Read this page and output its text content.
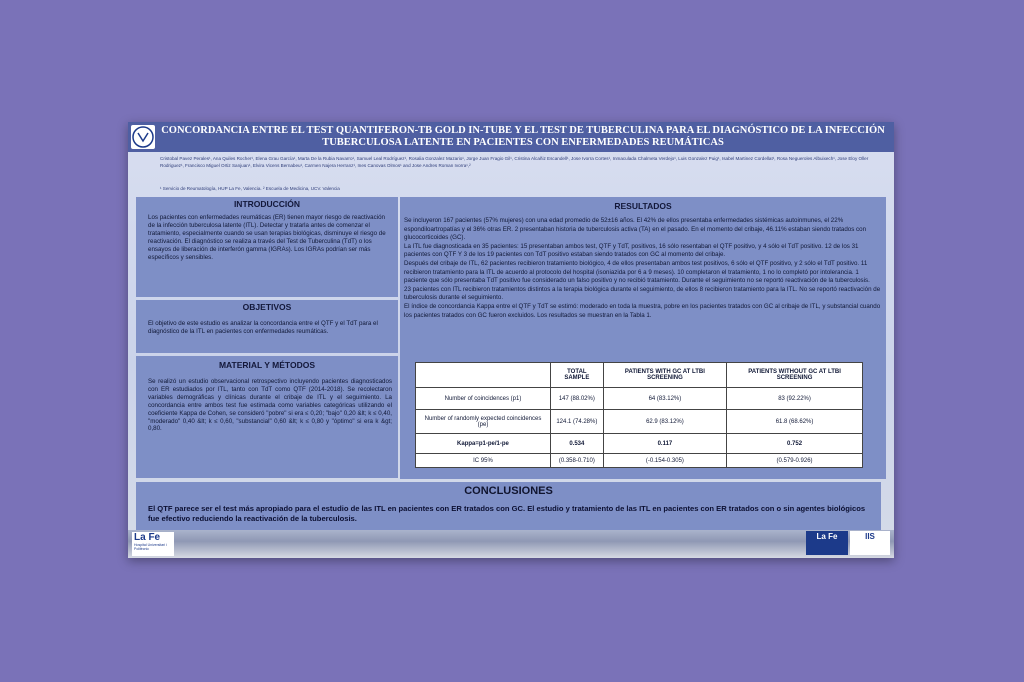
CONCORDANCIA ENTRE EL TEST QUANTIFERON-TB GOLD IN-TUBE Y EL TEST DE TUBERCULINA PARA EL DIAGNÓSTICO DE LA INFECCIÓN TUBERCULOSA LATENTE EN PACIENTES CON ENFERMEDADES REUMÁTICAS
Cristobal Pavez Perales¹, Ana Quiles Rocher¹, Elena Grau García¹, Marta De la Rubia Navarro¹, Samuel Leal Rodríguez¹, Rosalia Gonzalez Mazario¹, Jorge Juan Fragio Gil¹, Cristina Alcañiz Escandell¹, Jose Ivorra Cortes¹, Inmaculada Chalmeta Verdejo¹, Luis Gonzalez Puig¹, Isabel Martinez Cordellat¹, Rosa Negueroles Albuixech¹, Jose Eloy Oller Rodriguez¹, Francisco Miguel Ortiz Sanjuan¹, Elvira Vicens Bernabeu¹, Carmen Najera Herranz¹, Ines Canovas Olmos¹ and Jose Andres Roman Ivorra¹,²
¹ Servicio de Reumatología, HUP La Fe, Valencia. ² Escuela de Medicina, UCV. Valencia
INTRODUCCIÓN
Los pacientes con enfermedades reumáticas (ER) tienen mayor riesgo de reactivación de la infección tuberculosa latente (ITL). Detectar y tratarla antes de comenzar el tratamiento, especialmente cuando se usan terapias biológicas, disminuye el riesgo de reactivación. El diagnóstico se realiza a través del Test de Tuberculina (TdT) o los ensayos de liberación de interferón gamma (IGRAs). Los IGRAs podrían ser más específicos y sensibles.
OBJETIVOS
El objetivo de este estudio es analizar la concordancia entre el QTF y el TdT para el diagnóstico de la ITL en pacientes con enfermedades reumáticas.
MATERIAL Y MÉTODOS
Se realizó un estudio observacional retrospectivo incluyendo pacientes diagnosticados con ER estudiados por ITL, tanto con TdT como QTF (2014-2018). Se recolectaron variables demográficas y clínicas durante el cribaje de ITL y el seguimiento. La concordancia entre ambos test fue estimada como variables categóricas utilizando el coeficiente Kappa de Cohen, se consideró "pobre" si era ≤ 0,20; "bajo" 0,20 &lt; k ≤ 0,40, "moderado" 0,40 &lt; k ≤ 0,60, "substancial" 0,60 &lt; k ≤ 0,80 y "óptimo" si era k &gt; 0,80.
RESULTADOS

Se incluyeron 167 pacientes (57% mujeres) con una edad promedio de 52±16 años. El 42% de ellos presentaba enfermedades sistémicas autoinmunes, el 22% espondiloartropatías y el 36% otras ER. 2 presentaban historia de tuberculosis activa (TA) en el pasado. En el momento del cribaje, 46.11% estaban siendo tratados con glucocorticoides (GC).

La ITL fue diagnosticada en 35 pacientes: 15 presentaban ambos test, QTF y TdT, positivos, 16 sólo resentaban el QTF positivo, y 4 sólo el TdT positivo. 12 de los 31 pacientes con QTF Y 3 de los 19 pacientes con TdT positivo estaban siendo tratados con GC al momento del cribaje.

Después del cribaje de ITL, 62 pacientes recibieron tratamiento biológico, 4 de ellos presentaban ambos test positivos, 6 sólo el QTF positivo, y 2 sólo el TdT positivo. 11 recibieron tratamiento para la ITL de acuerdo al protocolo del hospital (isoniazida por 6 a 9 meses). 10 completaron el tratamiento, 1 no lo completó por intolerancia. 1 paciente que sólo presentaba TdT positivo fue considerado un falso positivo y no recibió tratamiento. Durante el seguimiento no se reportó reactivación de la tuberculosis.

23 pacientes con ITL recibieron tratamientos distintos a la terapia biológica durante el seguimiento, de ellos 8 recibieron tratamiento para la ITL. No se reportó reactivación de tuberculosis durante el seguimiento.

El índice de concordancia Kappa entre el QTF y TdT se estimó: moderado en toda la muestra, pobre en los pacientes tratados con GC al cribaje de ITL, y substancial cuando los pacientes tratados con GC fueron excluidos. Los resultados se muestran en la Tabla 1.

	TOTAL SAMPLE	PATIENTS WITH GC AT LTBI SCREENING	PATIENTS WITHOUT GC AT LTBI SCREENING
Number of coincidences (p1)	147 (88.02%)	64 (83.12%)	83 (92.22%)
Number of randomly expected coincidences (pe)	124.1 (74.28%)	62.9 (83.12%)	61.8 (68.62%)
Kappa=p1-pe/1-pe	0.534	0.117	0.752
IC 95%	(0.358-0.710)	(-0.154-0.305)	(0.579-0.926)
CONCLUSIONES
El QTF parece ser el test más apropiado para el estudio de las ITL en pacientes con ER tratados con GC. El estudio y tratamiento de las ITL en pacientes con ER tratados con o sin agentes biológicos fue efectivo reduciendo la reactivación de la tuberculosis.
La Fe
Hospital Universitari i Politècnic
La Fe	IIS
